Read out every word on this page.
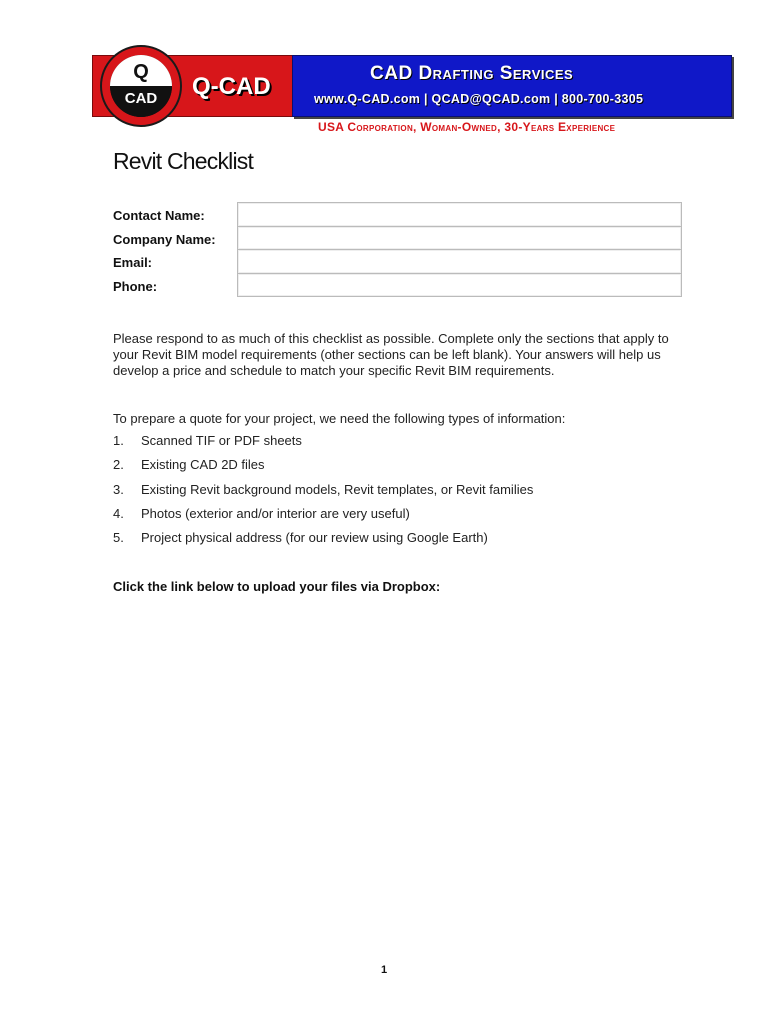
Q
CAD	Q-CAD	CAD Drafting Services
www.Q-CAD.com | QCAD@QCAD.com | 800-700-3305
USA Corporation, Woman-Owned, 30-Years Experience
Revit Checklist
Contact Name:
Company Name:
Email:
Phone:
Please respond to as much of this checklist as possible. Complete only the sections that apply to your Revit BIM model requirements (other sections can be left blank). Your answers will help us develop a price and schedule to match your specific Revit BIM requirements.
To prepare a quote for your project, we need the following types of information:
1.	Scanned TIF or PDF sheets
2.	Existing CAD 2D files
3.	Existing Revit background models, Revit templates, or Revit families
4.	Photos (exterior and/or interior are very useful)
5.	Project physical address (for our review using Google Earth)
Click the link below to upload your files via Dropbox:
1
